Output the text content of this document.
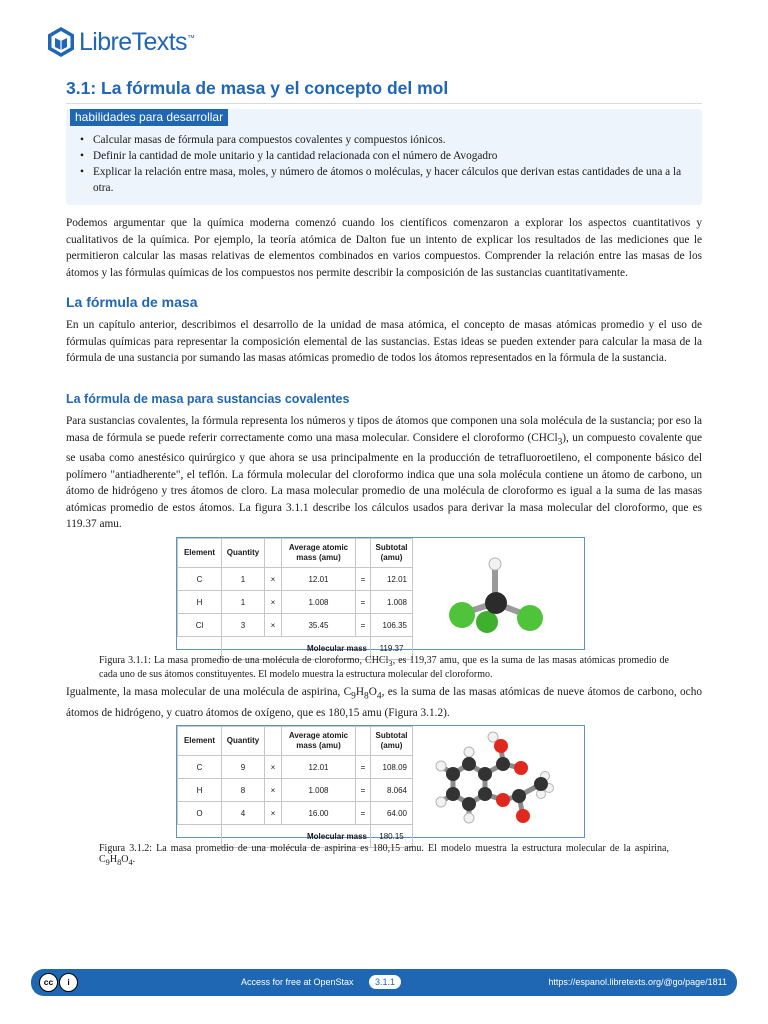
LibreTexts™
3.1: La fórmula de masa y el concepto del mol
habilidades para desarrollar
• Calcular masas de fórmula para compuestos covalentes y compuestos iónicos.
• Definir la cantidad de mole unitario y la cantidad relacionada con el número de Avogadro
• Explicar la relación entre masa, moles, y número de átomos o moléculas, y hacer cálculos que derivan estas cantidades de una a la otra.

Podemos argumentar que la química moderna comenzó cuando los científicos comenzaron a explorar los aspectos cuantitativos y cualitativos de la química. Por ejemplo, la teoría atómica de Dalton fue un intento de explicar los resultados de las mediciones que le permitieron calcular las masas relativas de elementos combinados en varios compuestos. Comprender la relación entre las masas de los átomos y las fórmulas químicas de los compuestos nos permite describir la composición de las sustancias cuantitativamente.

La fórmula de masa

En un capítulo anterior, describimos el desarrollo de la unidad de masa atómica, el concepto de masas atómicas promedio y el uso de fórmulas químicas para representar la composición elemental de las sustancias. Estas ideas se pueden extender para calcular la masa de la fórmula de una sustancia por sumando las masas atómicas promedio de todos los átomos representados en la fórmula de la sustancia.

La fórmula de masa para sustancias covalentes

Para sustancias covalentes, la fórmula representa los números y tipos de átomos que componen una sola molécula de la sustancia; por eso la masa de fórmula se puede referir correctamente como una masa molecular. Considere el cloroformo (CHCl$_3$), un compuesto covalente que se usaba como anestésico quirúrgico y que ahora se usa principalmente en la producción de tetrafluoroetileno, el componente básico del polímero "antiadherente", el teflón. La fórmula molecular del cloroformo indica que una sola molécula contiene un átomo de carbono, un átomo de hidrógeno y tres átomos de cloro. La masa molecular promedio de una molécula de cloroformo es igual a la suma de las masas atómicas promedio de estos átomos. La figura 3.1.1 describe los cálculos usados para derivar la masa molecular del cloroformo, que es 119.37 amu.

Element	Quantity		Average atomic mass (amu)		Subtotal (amu)
C	1	×	12.01	=	12.01
H	1	×	1.008	=	1.008
Cl	3	×	35.45	=	106.35
	Molecular mass				119.37

Figura 3.1.1: La masa promedio de una molécula de cloroformo, CHCl$_3$, es 119,37 amu, que es la suma de las masas atómicas promedio de cada uno de sus átomos constituyentes. El modelo muestra la estructura molecular del cloroformo.

Igualmente, la masa molecular de una molécula de aspirina, $C_9H_8O_4$, es la suma de las masas atómicas de nueve átomos de carbono, ocho átomos de hidrógeno, y cuatro átomos de oxígeno, que es 180,15 amu (Figura 3.1.2).

Element	Quantity		Average atomic mass (amu)		Subtotal (amu)
C	9	×	12.01	=	108.09
H	8	×	1.008	=	8.064
O	4	×	16.00	=	64.00
	Molecular mass				180.15

Figura 3.1.2: La masa promedio de una molécula de aspirina es 180,15 amu. El modelo muestra la estructura molecular de la aspirina, $C_9H_8O_4$.

cc	i	Access for free at OpenStax	3.1.1	https://espanol.libretexts.org/@go/page/1811
